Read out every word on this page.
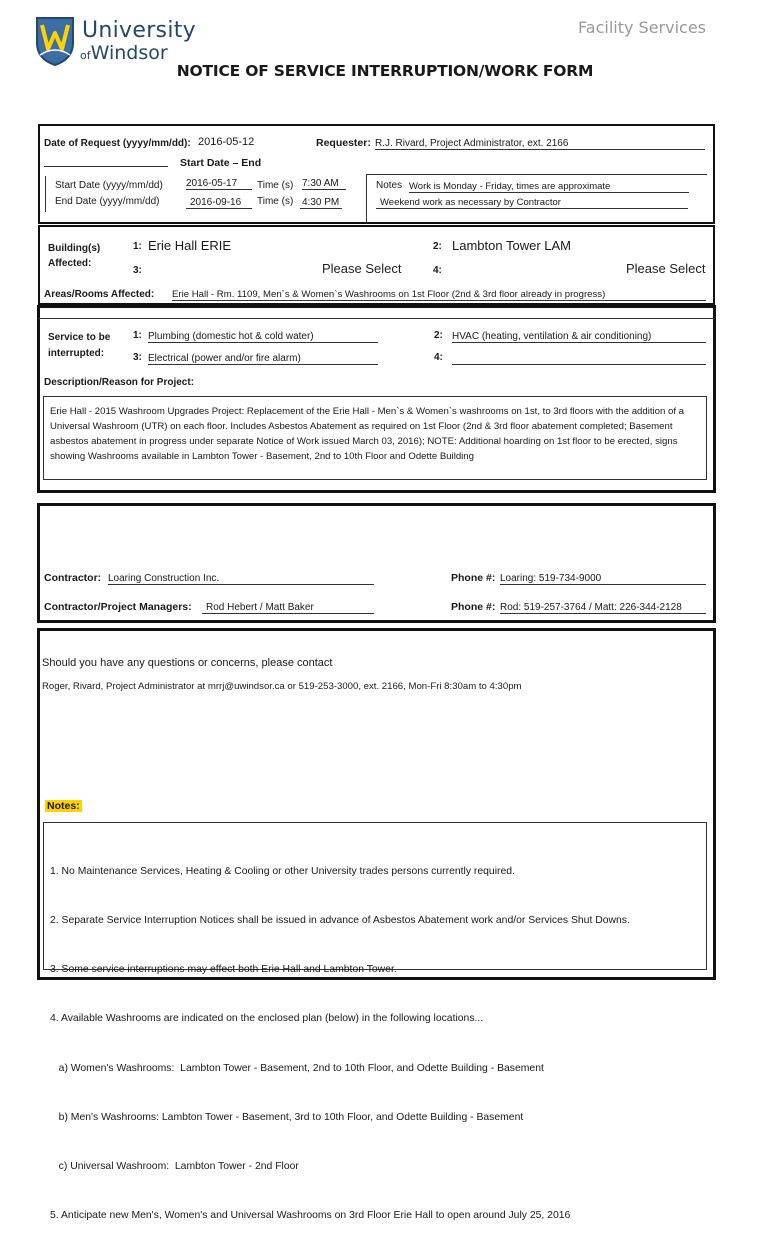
University
ofWindsor
Facility Services
NOTICE OF SERVICE INTERRUPTION/WORK FORM
Date of Request (yyyy/mm/dd): 2016-05-12	Requester: R.J. Rivard, Project Administrator, ext. 2166
Start Date – End
Start Date (yyyy/mm/dd) 2016-05-17	Time (s) 7:30 AM
End Date (yyyy/mm/dd)	2016-09-16	Time (s) 4:30 PM
Notes Work is Monday - Friday, times are approximate
Weekend work as necessary by Contractor
Building(s)
Affected:
1: Erie Hall ERIE	2: Lambton Tower LAM
3:	Please Select	4:	Please Select
Areas/Rooms Affected: Erie Hall - Rm. 1109, Men`s & Women`s Washrooms on 1st Floor (2nd & 3rd floor already in progress)
Service to be
interrupted:
1: Plumbing (domestic hot & cold water)	2: HVAC (heating, ventilation & air conditioning)
3: Electrical (power and/or fire alarm)	4:
Description/Reason for Project:
Erie Hall - 2015 Washroom Upgrades Project: Replacement of the Erie Hall - Men`s & Women`s washrooms on 1st, to 3rd floors with the addition of a Universal Washroom (UTR) on each floor. Includes Asbestos Abatement as required on 1st Floor (2nd & 3rd floor abatement completed; Basement asbestos abatement in progress under separate Notice of Work issued March 03, 2016); NOTE: Additional hoarding on 1st floor to be erected, signs showing Washrooms available in Lambton Tower - Basement, 2nd to 10th Floor and Odette Building
Contractor: Loaring Construction Inc.	Phone #: Loaring: 519-734-9000
Contractor/Project Managers:	Rod Hebert / Matt Baker	Phone #: Rod: 519-257-3764 / Matt: 226-344-2128
Should you have any questions or concerns, please contact
Roger, Rivard, Project Administrator at mrrj@uwindsor.ca or 519-253-3000, ext. 2166, Mon-Fri 8:30am to 4:30pm
Notes:

1. No Maintenance Services, Heating & Cooling or other University trades persons currently required.

2. Separate Service Interruption Notices shall be issued in advance of Asbestos Abatement work and/or Services Shut Downs.

3. Some service interruptions may effect both Erie Hall and Lambton Tower.

4. Available Washrooms are indicated on the enclosed plan (below) in the following locations...

a) Women's Washrooms:  Lambton Tower - Basement, 2nd to 10th Floor, and Odette Building - Basement

b) Men's Washrooms: Lambton Tower - Basement, 3rd to 10th Floor, and Odette Building - Basement

c) Universal Washroom:  Lambton Tower - 2nd Floor

5. Anticipate new Men's, Women's and Universal Washrooms on 3rd Floor Erie Hall to open around July 25, 2016
